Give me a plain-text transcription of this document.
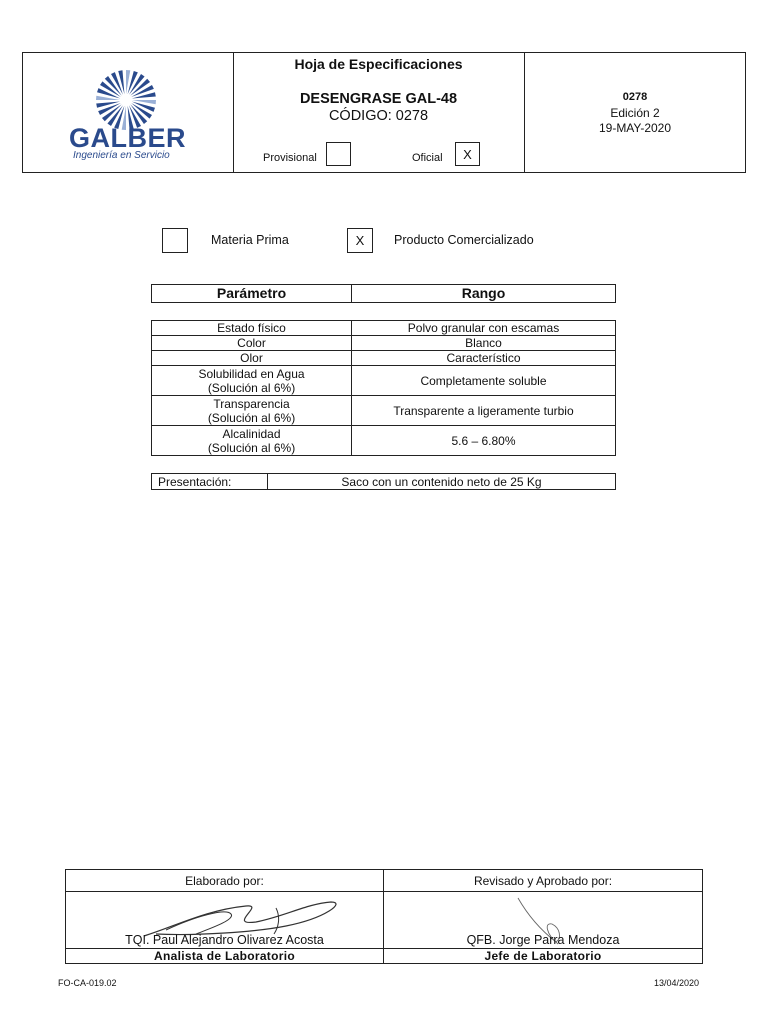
GALBER
Ingeniería en Servicio
Hoja de Especificaciones
DESENGRASE GAL-48
CÓDIGO: 0278
Provisional	Oficial	X
0278
Edición 2
19-MAY-2020
Materia Prima	X	Producto Comercializado
Parámetro	Rango
Estado físico	Polvo granular con escamas

Color	Blanco

Olor	Característico

Solubilidad en Agua
(Solución al 6%)	Completamente soluble

Transparencia
(Solución al 6%)	Transparente a ligeramente turbio

Alcalinidad
(Solución al 6%)	5.6 – 6.80%
Presentación:	Saco con un contenido neto de 25 Kg
Elaborado por:	Revisado y Aprobado por:

TQI. Paul Alejandro Olivarez Acosta	QFB. Jorge Parra Mendoza

Analista de Laboratorio	Jefe de Laboratorio
FO-CA-019.02	13/04/2020
